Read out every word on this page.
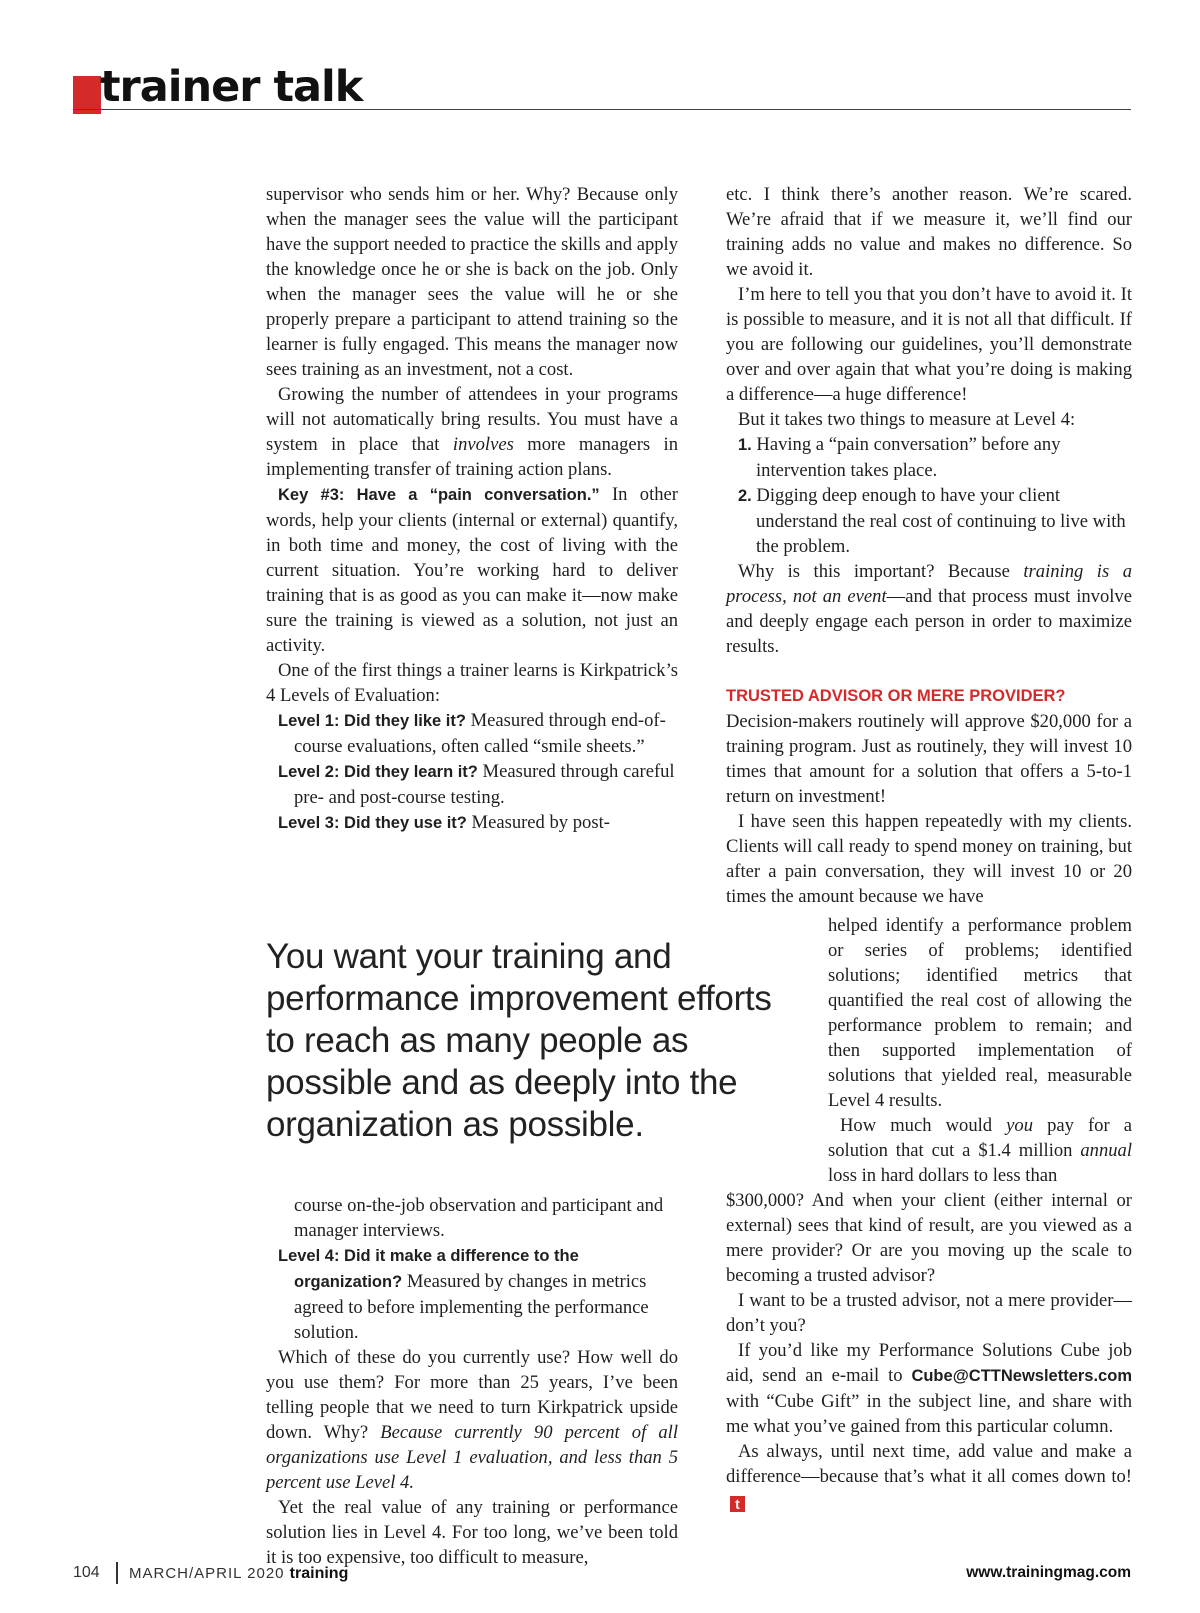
trainer talk

supervisor who sends him or her. Why? Because only when the manager sees the value will the participant have the support needed to practice the skills and apply the knowledge once he or she is back on the job. Only when the manager sees the value will he or she properly prepare a participant to attend training so the learner is fully engaged. This means the manager now sees training as an investment, not a cost.

Growing the number of attendees in your programs will not automatically bring results. You must have a system in place that involves more managers in implementing transfer of training action plans.

Key #3: Have a “pain conversation.” In other words, help your clients (internal or external) quantify, in both time and money, the cost of living with the current situation. You’re working hard to deliver training that is as good as you can make it—now make sure the training is viewed as a solution, not just an activity.

One of the first things a trainer learns is Kirkpatrick’s 4 Levels of Evaluation:

Level 1: Did they like it? Measured through end-of-course evaluations, often called “smile sheets.”

Level 2: Did they learn it? Measured through careful pre- and post-course testing.

Level 3: Did they use it? Measured by post-

You want your training and performance improvement efforts to reach as many people as possible and as deeply into the organization as possible.

course on-the-job observation and participant and manager interviews.

Level 4: Did it make a difference to the organization? Measured by changes in metrics agreed to before implementing the performance solution.

Which of these do you currently use? How well do you use them? For more than 25 years, I’ve been telling people that we need to turn Kirkpatrick upside down. Why? Because currently 90 percent of all organizations use Level 1 evaluation, and less than 5 percent use Level 4.

Yet the real value of any training or performance solution lies in Level 4. For too long, we’ve been told it is too expensive, too difficult to measure,

etc. I think there’s another reason. We’re scared. We’re afraid that if we measure it, we’ll find our training adds no value and makes no difference. So we avoid it.

I’m here to tell you that you don’t have to avoid it. It is possible to measure, and it is not all that difficult. If you are following our guidelines, you’ll demonstrate over and over again that what you’re doing is making a difference—a huge difference!

But it takes two things to measure at Level 4:

1. Having a “pain conversation” before any intervention takes place.

2. Digging deep enough to have your client understand the real cost of continuing to live with the problem.

Why is this important? Because training is a process, not an event—and that process must involve and deeply engage each person in order to maximize results.

TRUSTED ADVISOR OR MERE PROVIDER?

Decision-makers routinely will approve $20,000 for a training program. Just as routinely, they will invest 10 times that amount for a solution that offers a 5-to-1 return on investment!

I have seen this happen repeatedly with my clients. Clients will call ready to spend money on training, but after a pain conversation, they will invest 10 or 20 times the amount because we have

helped identify a performance problem or series of problems; identified solutions; identified metrics that quantified the real cost of allowing the performance problem to remain; and then supported implementation of solutions that yielded real, measurable Level 4 results.

How much would you pay for a solution that cut a $1.4 million annual loss in hard dollars to less than

$300,000? And when your client (either internal or external) sees that kind of result, are you viewed as a mere provider? Or are you moving up the scale to becoming a trusted advisor?

I want to be a trusted advisor, not a mere provider—don’t you?

If you’d like my Performance Solutions Cube job aid, send an e-mail to Cube@CTTNewsletters.com with “Cube Gift” in the subject line, and share with me what you’ve gained from this particular column.

As always, until next time, add value and make a difference—because that’s what it all comes down to!t

104 MARCH/APRIL 2020 training	www.trainingmag.com
